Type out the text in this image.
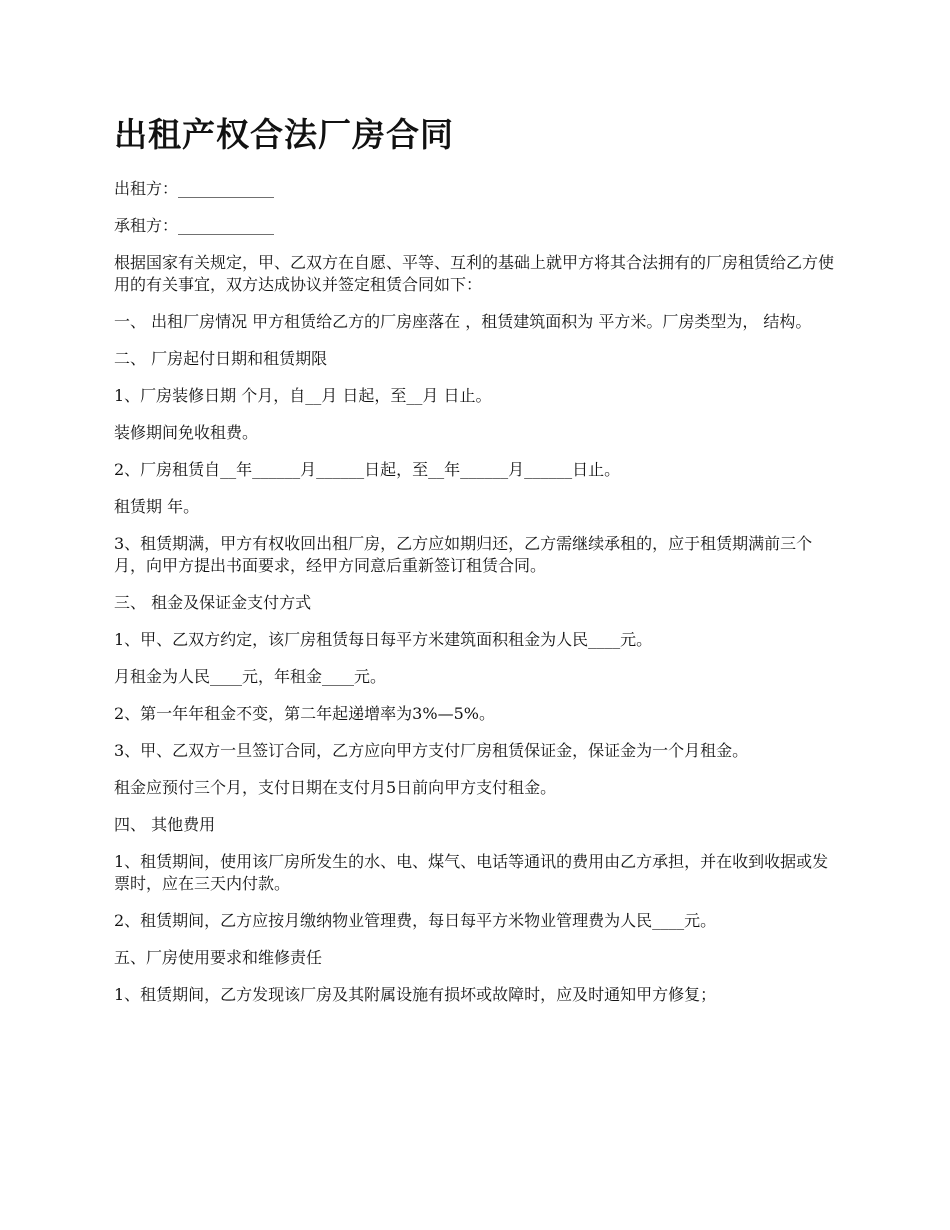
出租产权合法厂房合同

出租方：____________

承租方：____________

根据国家有关规定，甲、乙双方在自愿、平等、互利的基础上就甲方将其合法拥有的厂房租赁给乙方使用的有关事宜，双方达成协议并签定租赁合同如下：

一、 出租厂房情况 甲方租赁给乙方的厂房座落在 ，租赁建筑面积为 平方米。厂房类型为， 结构。

二、 厂房起付日期和租赁期限

1、厂房装修日期 个月，自__月 日起，至__月 日止。

装修期间免收租费。

2、厂房租赁自__年______月______日起，至__年______月______日止。

租赁期 年。

3、租赁期满，甲方有权收回出租厂房，乙方应如期归还，乙方需继续承租的，应于租赁期满前三个月，向甲方提出书面要求，经甲方同意后重新签订租赁合同。

三、 租金及保证金支付方式

1、甲、乙双方约定，该厂房租赁每日每平方米建筑面积租金为人民____元。

月租金为人民____元，年租金____元。

2、第一年年租金不变，第二年起递增率为3%—5%。

3、甲、乙双方一旦签订合同，乙方应向甲方支付厂房租赁保证金，保证金为一个月租金。

租金应预付三个月，支付日期在支付月5日前向甲方支付租金。

四、 其他费用

1、租赁期间，使用该厂房所发生的水、电、煤气、电话等通讯的费用由乙方承担，并在收到收据或发票时，应在三天内付款。

2、租赁期间，乙方应按月缴纳物业管理费，每日每平方米物业管理费为人民____元。

五、厂房使用要求和维修责任

1、租赁期间，乙方发现该厂房及其附属设施有损坏或故障时，应及时通知甲方修复；
